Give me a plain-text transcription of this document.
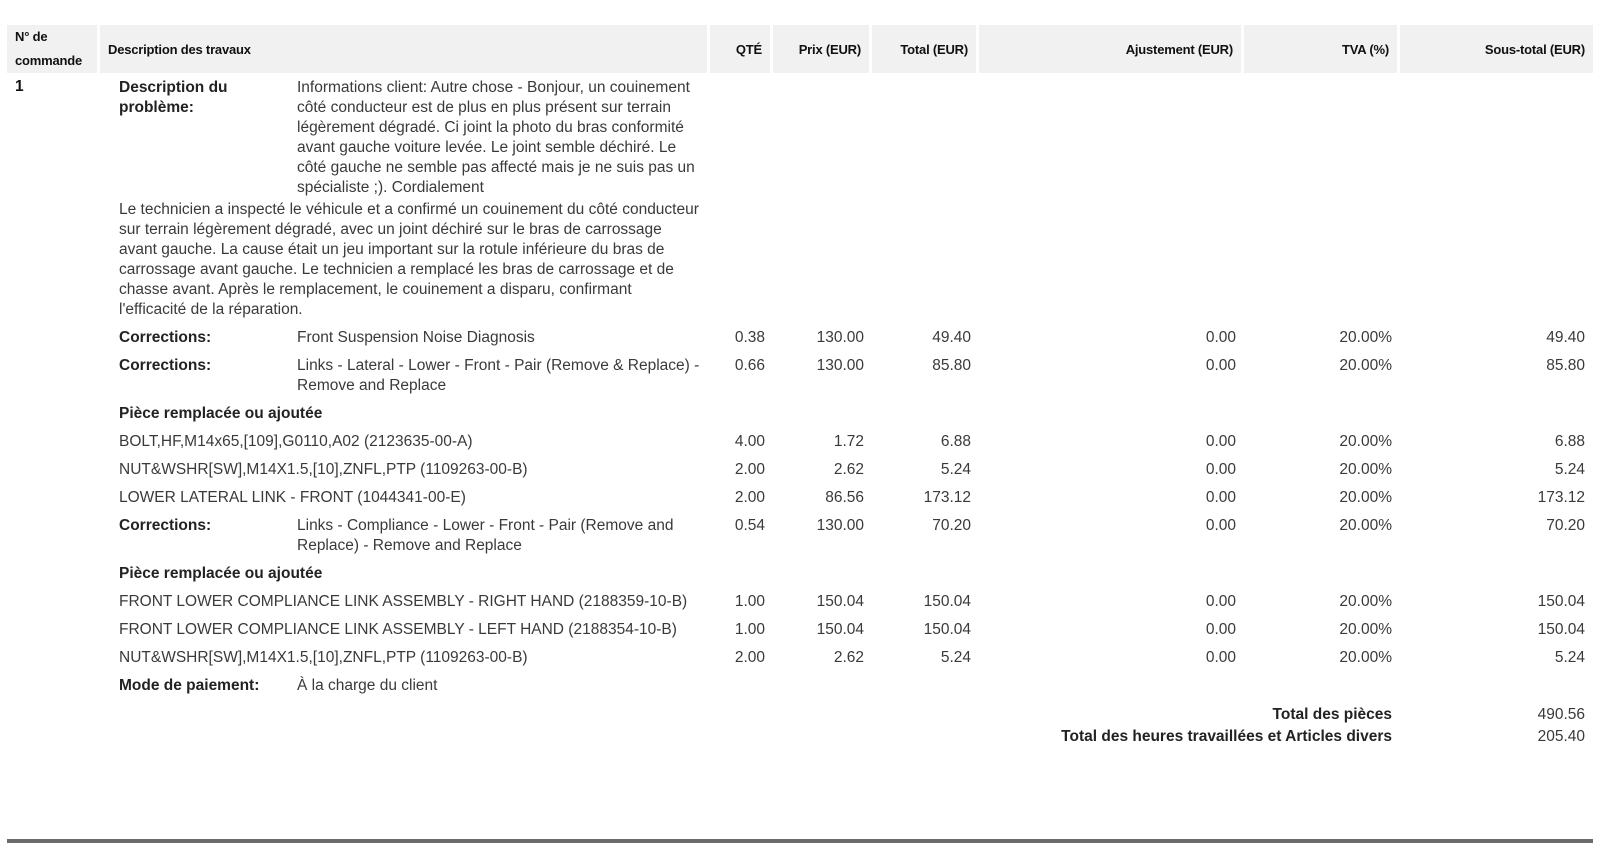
N° de commande	Description des travaux	QTÉ	Prix (EUR)	Total (EUR)	Ajustement (EUR)	TVA (%)	Sous-total (EUR)
1	Description du problème:
Informations client: Autre chose - Bonjour, un couinement côté conducteur est de plus en plus présent sur terrain légèrement dégradé. Ci joint la photo du bras conformité avant gauche voiture levée. Le joint semble déchiré. Le côté gauche ne semble pas affecté mais je ne suis pas un spécialiste ;). Cordialement
Le technicien a inspecté le véhicule et a confirmé un couinement du côté conducteur sur terrain légèrement dégradé, avec un joint déchiré sur le bras de carrossage avant gauche. La cause était un jeu important sur la rotule inférieure du bras de carrossage avant gauche. Le technicien a remplacé les bras de carrossage et de chasse avant. Après le remplacement, le couinement a disparu, confirmant l'efficacité de la réparation.						

	Corrections: Front Suspension Noise Diagnosis	0.38	130.00	49.40	0.00	20.00%	49.40

	Corrections: Links - Lateral - Lower - Front - Pair (Remove & Replace) - Remove and Replace	0.66	130.00	85.80	0.00	20.00%	85.80

	Pièce remplacée ou ajoutée						

	BOLT,HF,M14x65,[109],G0110,A02 (2123635-00-A)	4.00	1.72	6.88	0.00	20.00%	6.88

	NUT&WSHR[SW],M14X1.5,[10],ZNFL,PTP (1109263-00-B)	2.00	2.62	5.24	0.00	20.00%	5.24

	LOWER LATERAL LINK - FRONT (1044341-00-E)	2.00	86.56	173.12	0.00	20.00%	173.12

	Corrections: Links - Compliance - Lower - Front - Pair (Remove and Replace) - Remove and Replace	0.54	130.00	70.20	0.00	20.00%	70.20

	Pièce remplacée ou ajoutée						

	FRONT LOWER COMPLIANCE LINK ASSEMBLY - RIGHT HAND (2188359-10-B)	1.00	150.04	150.04	0.00	20.00%	150.04

	FRONT LOWER COMPLIANCE LINK ASSEMBLY - LEFT HAND (2188354-10-B)	1.00	150.04	150.04	0.00	20.00%	150.04

	NUT&WSHR[SW],M14X1.5,[10],ZNFL,PTP (1109263-00-B)	2.00	2.62	5.24	0.00	20.00%	5.24

	Mode de paiement: À la charge du client						

	Total des pièces						490.56
	Total des heures travaillées et Articles divers						205.40
